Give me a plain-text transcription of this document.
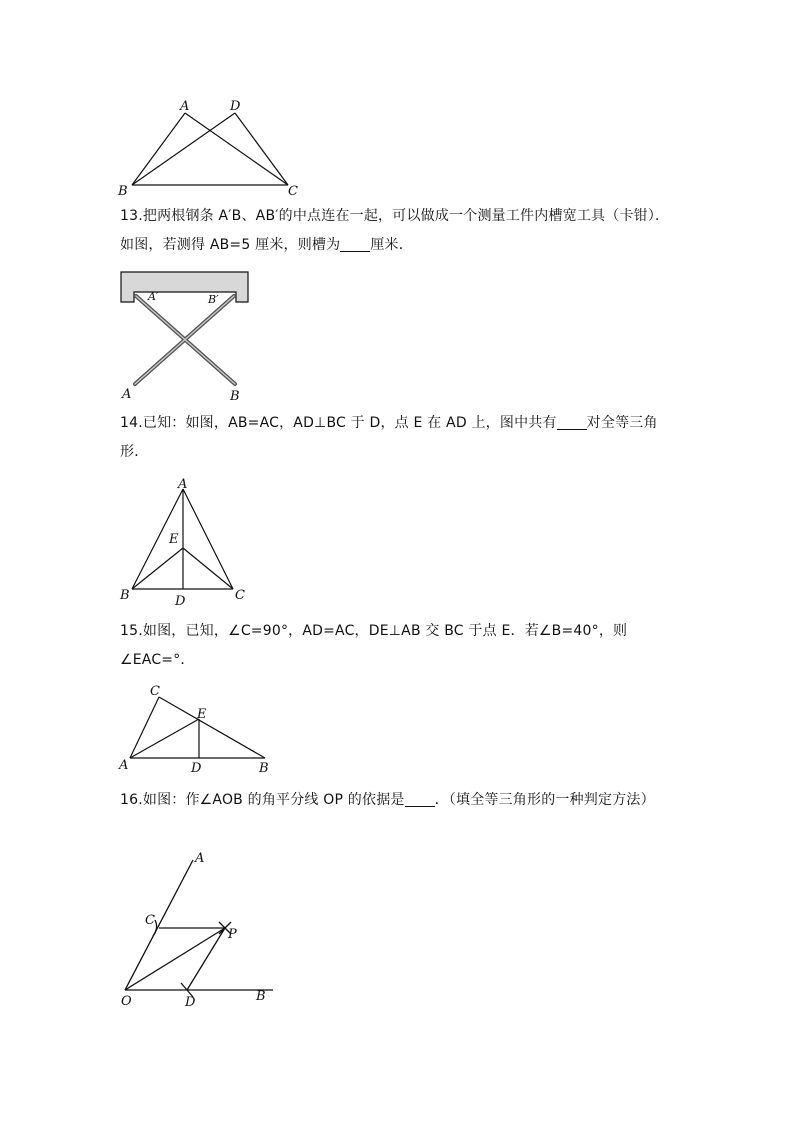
A	D
B	C

13.把两根钢条 A′B、AB′的中点连在一起，可以做成一个测量工件内槽宽工具（卡钳）．如图，若测得 AB=5 厘米，则槽为 厘米．

A′	B′
A	B

14.已知：如图，AB=AC，AD⊥BC 于 D，点 E 在 AD 上，图中共有 对全等三角形．

A
E
B	D	C

15.如图，已知，∠C=90°，AD=AC，DE⊥AB 交 BC 于点 E．若∠B=40°，则∠EAC=°．

C
E
A	D	B

16.如图：作∠AOB 的角平分线 OP 的依据是 ．（填全等三角形的一种判定方法）

A
C
P
O	D	B
